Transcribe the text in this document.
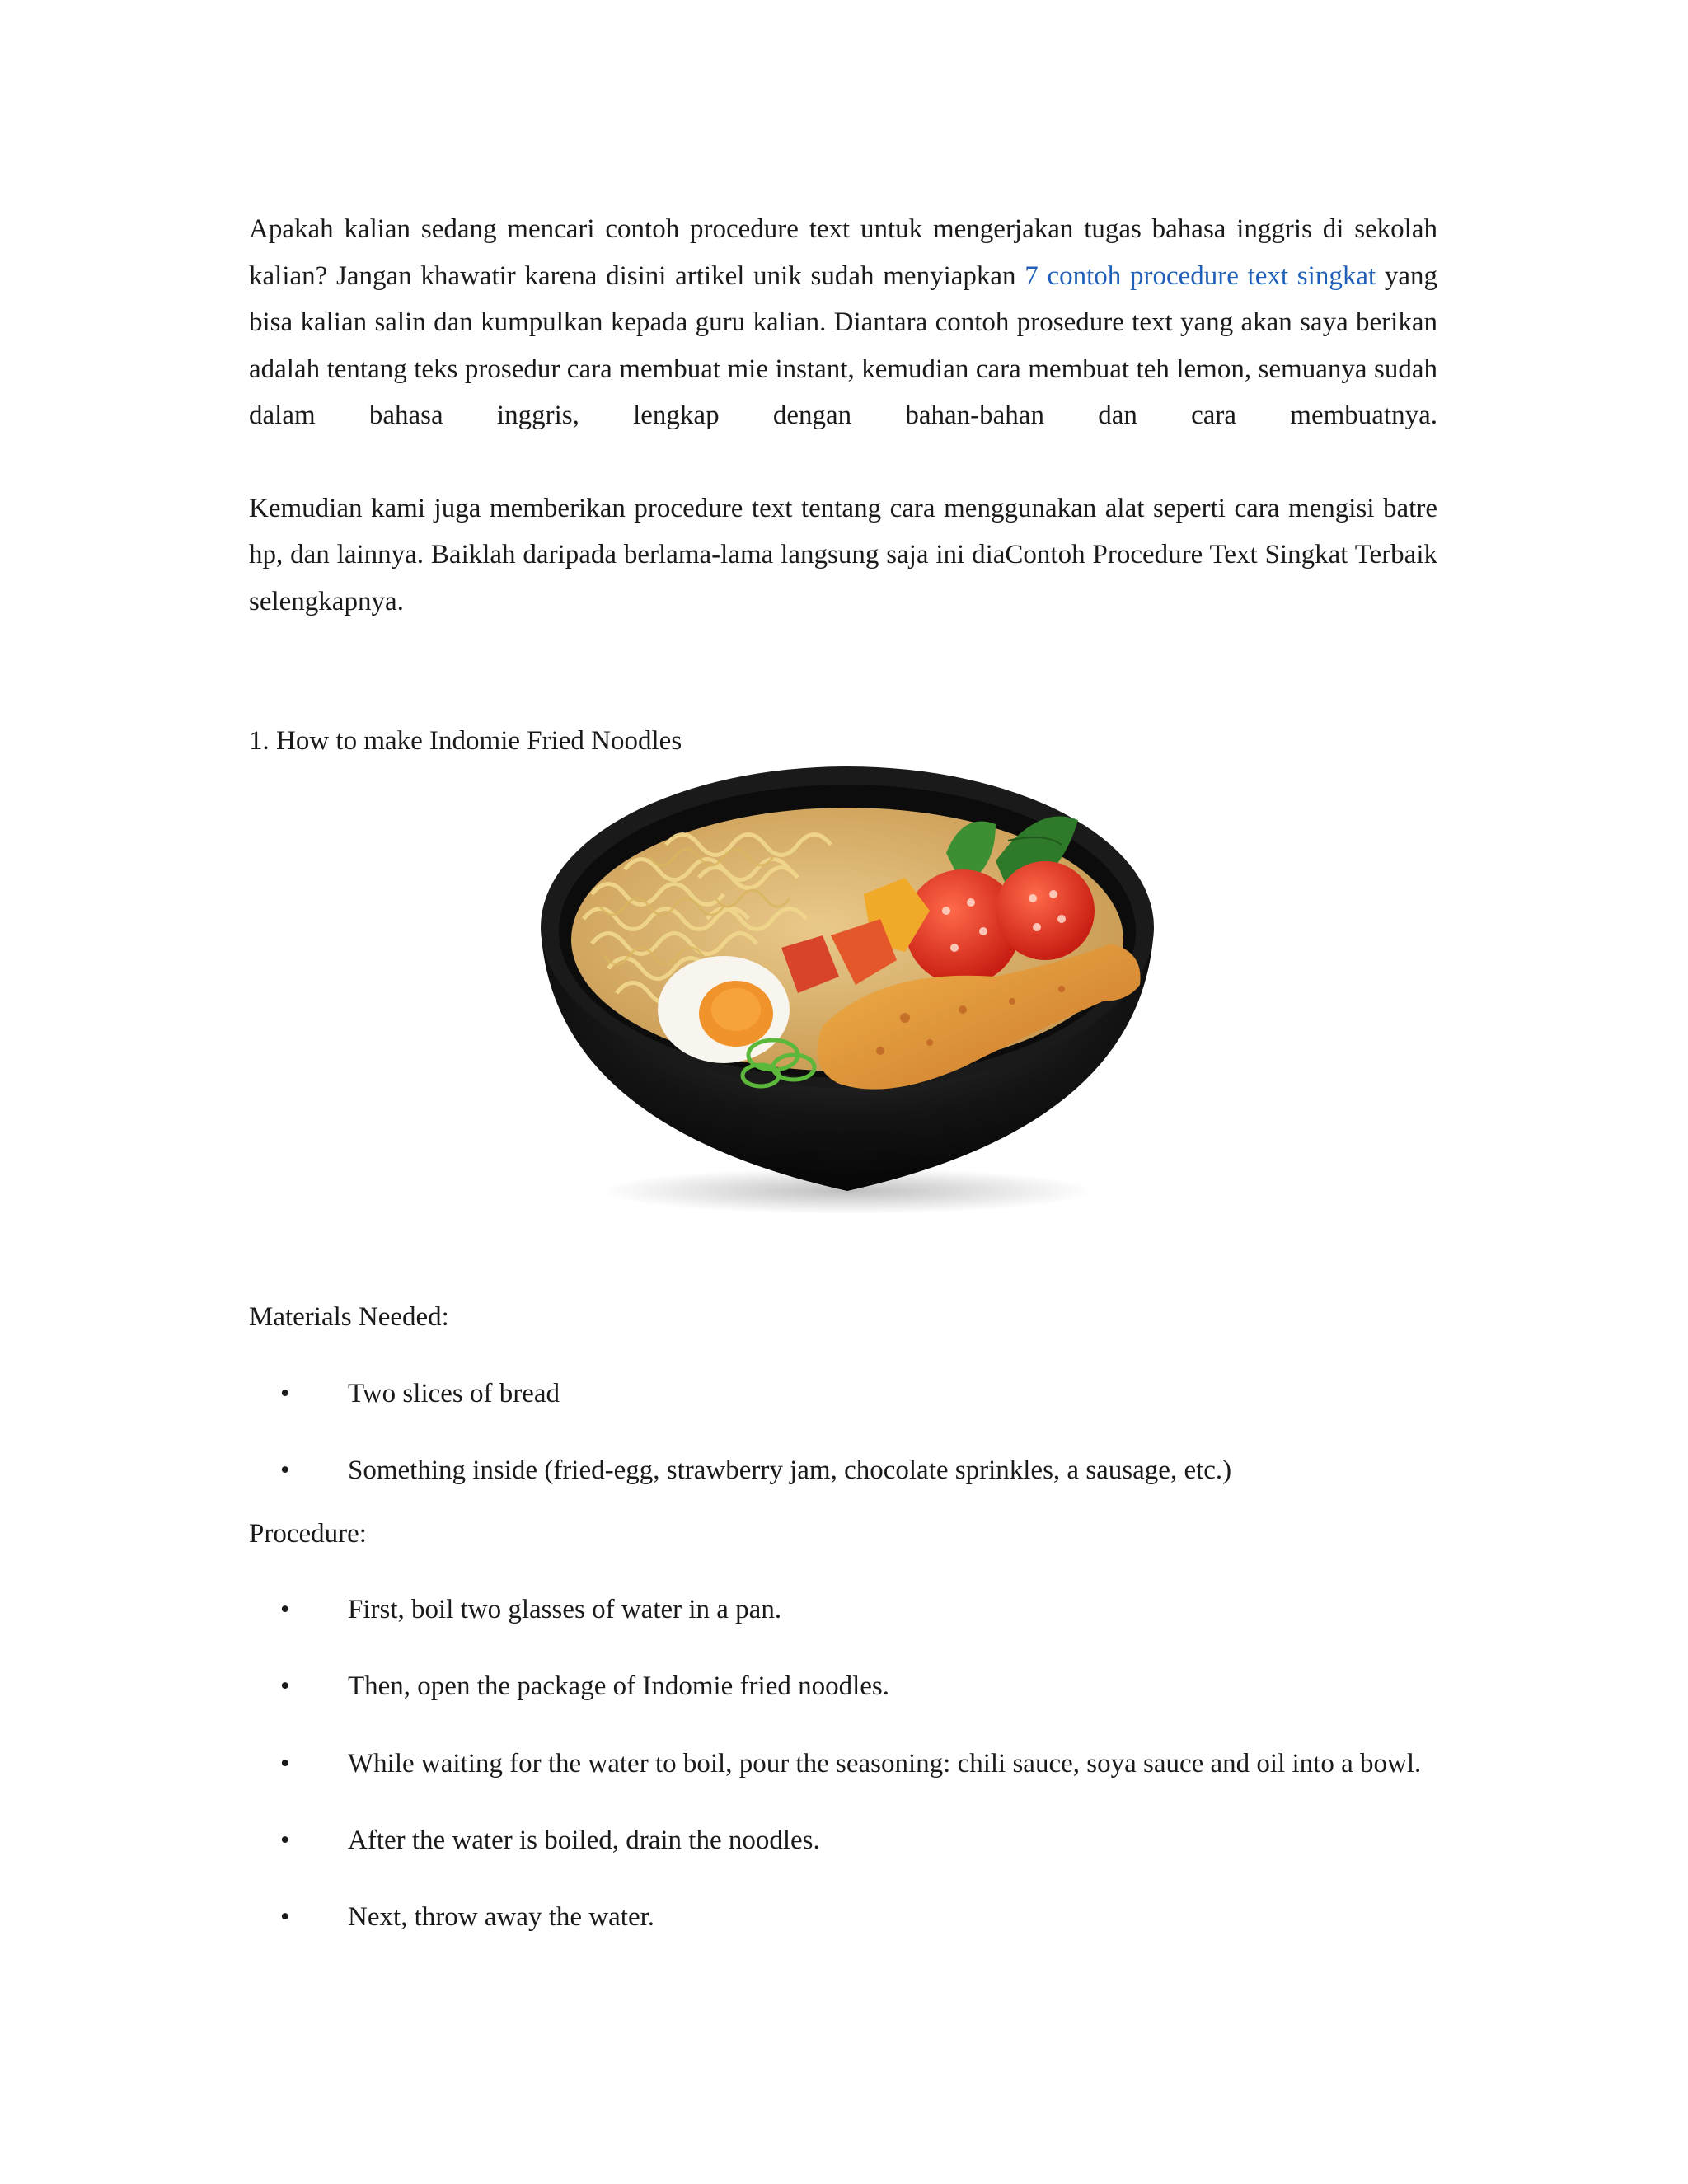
Apakah kalian sedang mencari contoh procedure text untuk mengerjakan tugas bahasa inggris di sekolah kalian? Jangan khawatir karena disini artikel unik sudah menyiapkan 7 contoh procedure text singkat yang bisa kalian salin dan kumpulkan kepada guru kalian. Diantara contoh prosedure text yang akan saya berikan adalah tentang teks prosedur cara membuat mie instant, kemudian cara membuat teh lemon, semuanya sudah dalam bahasa inggris, lengkap dengan bahan-bahan dan cara membuatnya.

Kemudian kami juga memberikan procedure text tentang cara menggunakan alat seperti cara mengisi batre hp, dan lainnya. Baiklah daripada berlama-lama langsung saja ini diaContoh Procedure Text Singkat Terbaik selengkapnya.

1. How to make Indomie Fried Noodles

Materials Needed:

• Two slices of bread
• Something inside (fried-egg, strawberry jam, chocolate sprinkles, a sausage, etc.)

Procedure:

• First, boil two glasses of water in a pan.
• Then, open the package of Indomie fried noodles.
• While waiting for the water to boil, pour the seasoning: chili sauce, soya sauce and oil into a bowl.
• After the water is boiled, drain the noodles.
• Next, throw away the water.
